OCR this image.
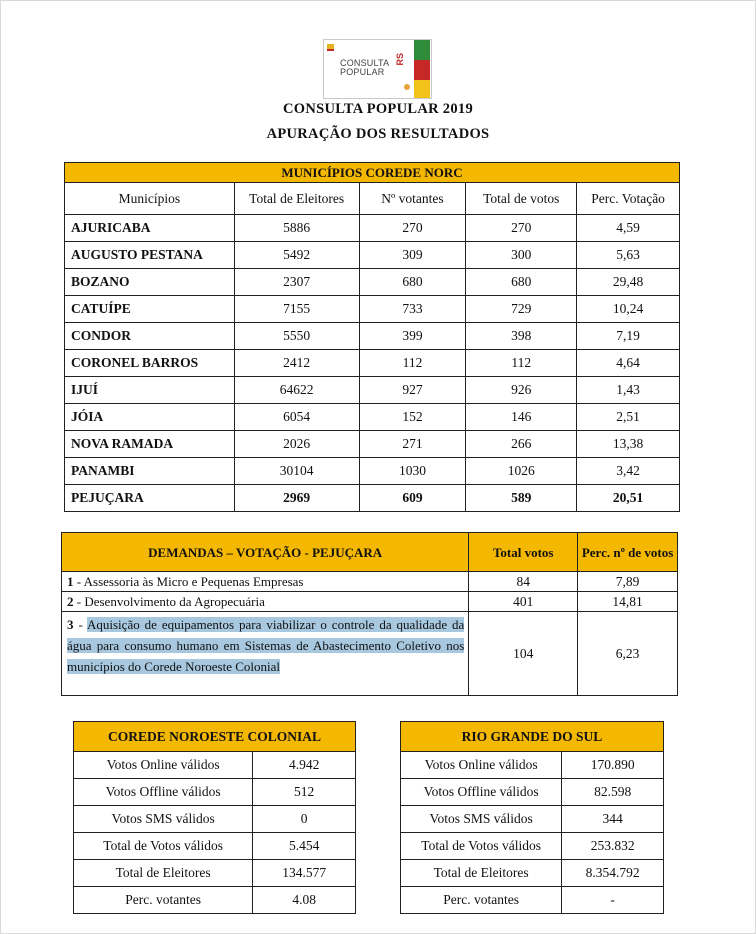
CONSULTA
POPULAR
RS
CONSULTA POPULAR 2019
APURAÇÃO DOS RESULTADOS
MUNICÍPIOS COREDE NORC				
Municípios	Total de Eleitores	Nº votantes	Total de votos	Perc. Votação
AJURICABA	5886	270	270	4,59
AUGUSTO PESTANA	5492	309	300	5,63
BOZANO	2307	680	680	29,48
CATUÍPE	7155	733	729	10,24
CONDOR	5550	399	398	7,19
CORONEL BARROS	2412	112	112	4,64
IJUÍ	64622	927	926	1,43
JÓIA	6054	152	146	2,51
NOVA RAMADA	2026	271	266	13,38
PANAMBI	30104	1030	1026	3,42
PEJUÇARA	2969	609	589	20,51
DEMANDAS – VOTAÇÃO - PEJUÇARA	Total votos	Perc. nº de votos
1 - Assessoria às Micro e Pequenas Empresas	84	7,89
2 - Desenvolvimento da Agropecuária	401	14,81
3 - Aquisição de equipamentos para viabilizar o controle da qualidade da água para consumo humano em Sistemas de Abastecimento Coletivo nos municípios do Corede Noroeste Colonial	104	6,23
COREDE NOROESTE COLONIAL	
Votos Online válidos	4.942
Votos Offline válidos	512
Votos SMS válidos	0
Total de Votos válidos	5.454
Total de Eleitores	134.577
Perc. votantes	4.08
RIO GRANDE DO SUL	
Votos Online válidos	170.890
Votos Offline válidos	82.598
Votos SMS válidos	344
Total de Votos válidos	253.832
Total de Eleitores	8.354.792
Perc. votantes	-
